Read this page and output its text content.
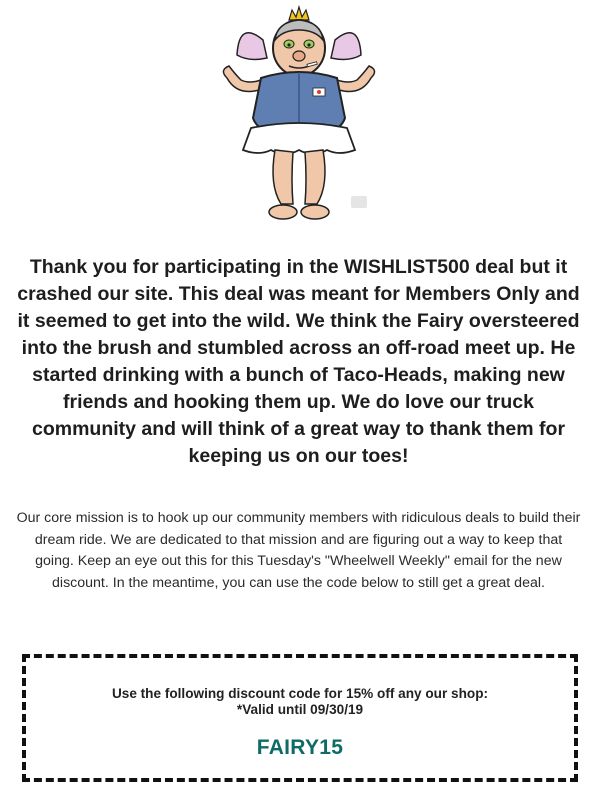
Thank you for participating in the WISHLIST500 deal but it crashed our site. This deal was meant for Members Only and it seemed to get into the wild. We think the Fairy oversteered into the brush and stumbled across an off-road meet up. He started drinking with a bunch of Taco-Heads, making new friends and hooking them up. We do love our truck community and will think of a great way to thank them for keeping us on our toes!

Our core mission is to hook up our community members with ridiculous deals to build their dream ride. We are dedicated to that mission and are figuring out a way to keep that going. Keep an eye out this for this Tuesday's "Wheelwell Weekly" email for the new discount. In the meantime, you can use the code below to still get a great deal.

Use the following discount code for 15% off any our shop:

*Valid until 09/30/19

FAIRY15
